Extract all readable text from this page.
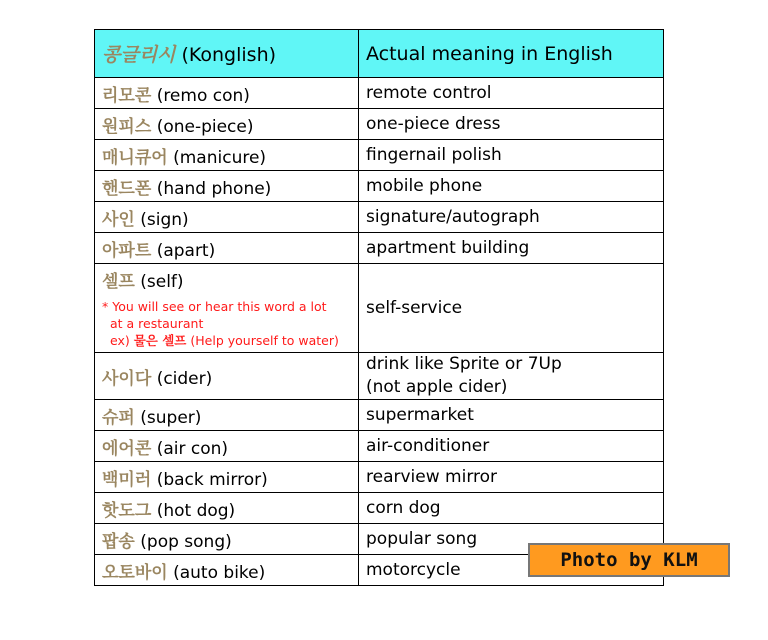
콩글리시 (Konglish)	Actual meaning in English
리모콘 (remo con)	remote control
원피스 (one-piece)	one-piece dress
매니큐어 (manicure)	fingernail polish
핸드폰 (hand phone)	mobile phone
사인 (sign)	signature/autograph
아파트 (apart)	apartment building

셀프 (self)
* You will see or hear this word a lot
at a restaurant
ex) 물은 셀프 (Help yourself to water)	self-service
사이다 (cider)	drink like Sprite or 7Up
(not apple cider)

슈퍼 (super)	supermarket
에어콘 (air con)	air-conditioner
백미러 (back mirror)	rearview mirror
핫도그 (hot dog)	corn dog
팝송 (pop song)	popular song
오토바이 (auto bike)	motorcycle	Photo by KLM
